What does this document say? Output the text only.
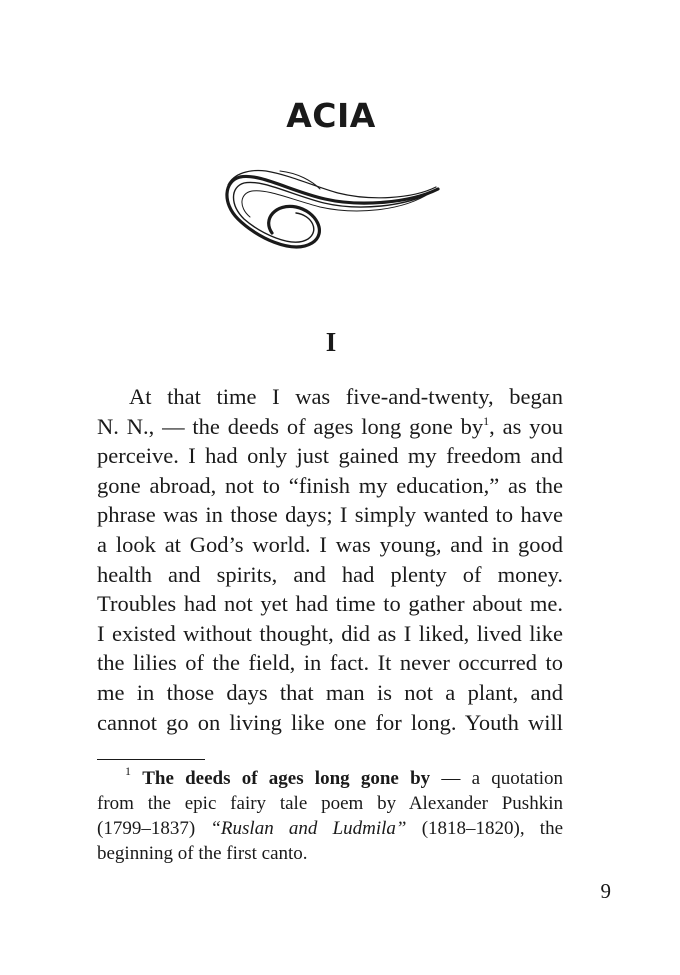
ACIA
I
At that time I was five-and-twenty, began
N. N., — the deeds of ages long gone $by^1$, as you
perceive. I had only just gained my freedom and
gone abroad, not to “finish my education,” as the
phrase was in those days; I simply wanted to have
a look at God’s world. I was young, and in good
health and spirits, and had plenty of money.
Troubles had not yet had time to gather about me.
I existed without thought, did as I liked, lived like
the lilies of the field, in fact. It never occurred to
me in those days that man is not a plant, and
cannot go on living like one for long. Youth will
$^1$ The deeds of ages long gone by — a quotation
from the epic fairy tale poem by Alexander Pushkin
(1799–1837) “Ruslan and Ludmila” (1818–1820), the
beginning of the first canto.
9
